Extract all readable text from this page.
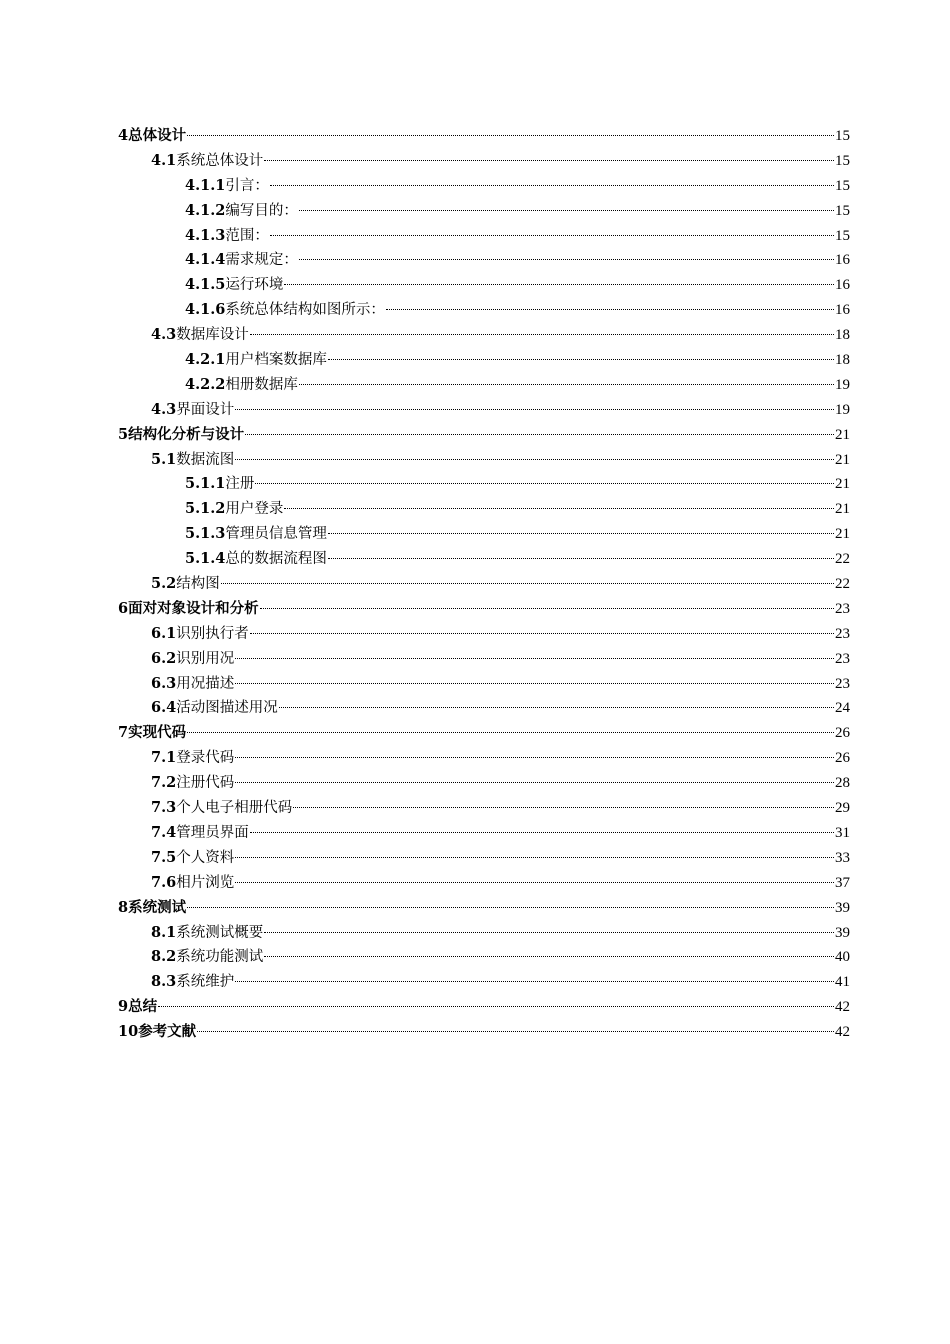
4 总体设计	15
4.1 系统总体设计	15
4.1.1 引言：	15
4.1.2 编写目的：	15
4.1.3 范围：	15
4.1.4 需求规定：	16
4.1.5 运行环境	16
4.1.6 系统总体结构如图所示：	16
4.3 数据库设计	18
4.2.1 用户档案数据库	18
4.2.2 相册数据库	19
4.3 界面设计	19
5 结构化分析与设计	21
5.1 数据流图	21
5.1.1 注册	21
5.1.2 用户登录	21
5.1.3 管理员信息管理	21
5.1.4 总的数据流程图	22
5.2 结构图	22
6 面对对象设计和分析	23
6.1 识别执行者	23
6.2 识别用况	23
6.3 用况描述	23
6.4 活动图描述用况	24
7 实现代码	26
7.1 登录代码	26
7.2 注册代码	28
7.3 个人电子相册代码	29
7.4 管理员界面	31
7.5 个人资料	33
7.6 相片浏览	37
8 系统测试	39
8.1 系统测试概要	39
8.2 系统功能测试	40
8.3 系统维护	41
9 总结	42
10 参考文献	42
